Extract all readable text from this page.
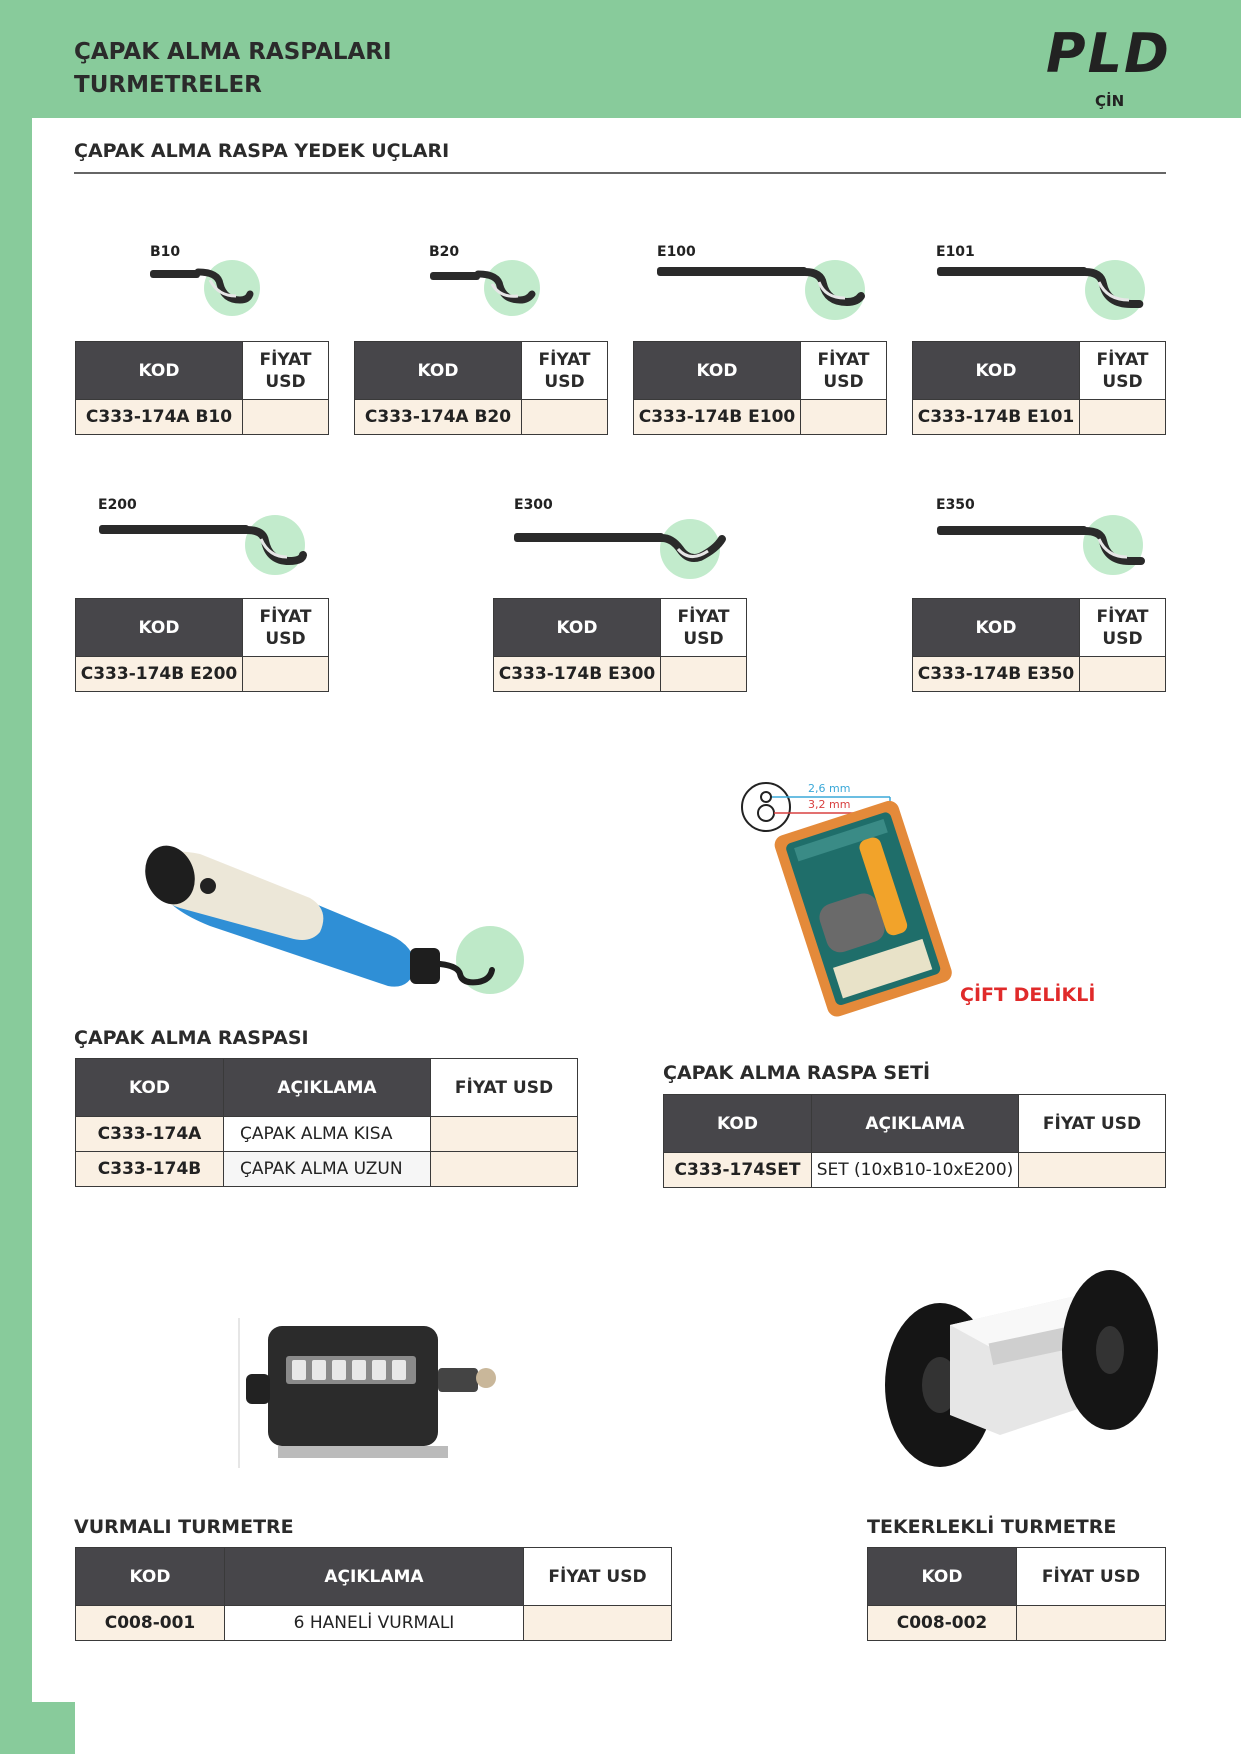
ÇAPAK ALMA RASPALARI
TURMETRELER	PLD
ÇİN
ÇAPAK ALMA RASPA YEDEK UÇLARI
B10	B20	E100	E101
KOD	FİYAT
USD

C333-174A B10	
KOD	FİYAT
USD

C333-174A B20	
KOD	FİYAT
USD

C333-174B E100	
KOD	FİYAT
USD

C333-174B E101	
E200	E300	E350
KOD	FİYAT
USD

C333-174B E200	
KOD	FİYAT
USD

C333-174B E300	
KOD	FİYAT
USD

C333-174B E350	
2,6 mm
3,2 mm
ÇİFT DELİKLİ
ÇAPAK ALMA RASPASI
KOD	AÇIKLAMA	FİYAT USD
C333-174A	ÇAPAK ALMA KISA	
C333-174B	ÇAPAK ALMA UZUN	
ÇAPAK ALMA RASPA SETİ
KOD	AÇIKLAMA	FİYAT USD
C333-174SET	SET (10xB10-10xE200)	
VURMALI TURMETRE
KOD	AÇIKLAMA	FİYAT USD
C008-001	6 HANELİ VURMALI	
TEKERLEKLİ TURMETRE
KOD	FİYAT USD
C008-002	
